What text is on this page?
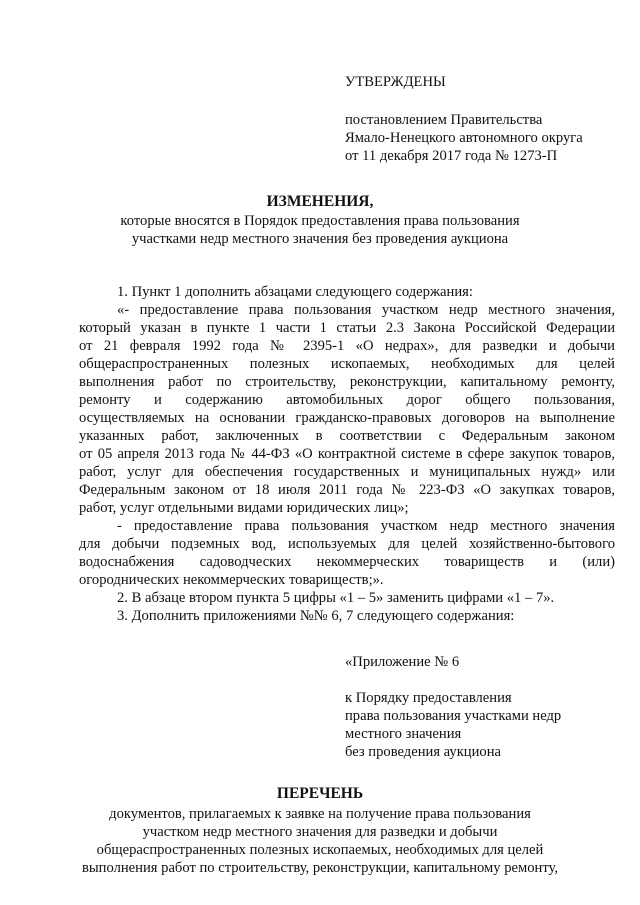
УТВЕРЖДЕНЫ
постановлением Правительства
Ямало-Ненецкого автономного округа
от 11 декабря 2017 года № 1273-П
ИЗМЕНЕНИЯ,
которые вносятся в Порядок предоставления права пользования
участками недр местного значения без проведения аукциона
1. Пункт 1 дополнить абзацами следующего содержания:
«- предоставление права пользования участком недр местного значения,
который указан в пункте 1 части 1 статьи 2.3 Закона Российской Федерации
от 21 февраля 1992 года № 2395-1 «О недрах», для разведки и добычи
общераспространенных полезных ископаемых, необходимых для целей
выполнения работ по строительству, реконструкции, капитальному ремонту,
ремонту и содержанию автомобильных дорог общего пользования,
осуществляемых на основании гражданско-правовых договоров на выполнение
указанных работ, заключенных в соответствии с Федеральным законом
от 05 апреля 2013 года № 44-ФЗ «О контрактной системе в сфере закупок товаров,
работ, услуг для обеспечения государственных и муниципальных нужд» или
Федеральным законом от 18 июля 2011 года № 223-ФЗ «О закупках товаров,
работ, услуг отдельными видами юридических лиц»;
- предоставление права пользования участком недр местного значения
для добычи подземных вод, используемых для целей хозяйственно-бытового
водоснабжения садоводческих некоммерческих товариществ и (или)
огороднических некоммерческих товариществ;».
2. В абзаце втором пункта 5 цифры «1 – 5» заменить цифрами «1 – 7».
3. Дополнить приложениями №№ 6, 7 следующего содержания:
«Приложение № 6
к Порядку предоставления
права пользования участками недр
местного значения
без проведения аукциона
ПЕРЕЧЕНЬ
документов, прилагаемых к заявке на получение права пользования
участком недр местного значения для разведки и добычи
общераспространенных полезных ископаемых, необходимых для целей
выполнения работ по строительству, реконструкции, капитальному ремонту,
